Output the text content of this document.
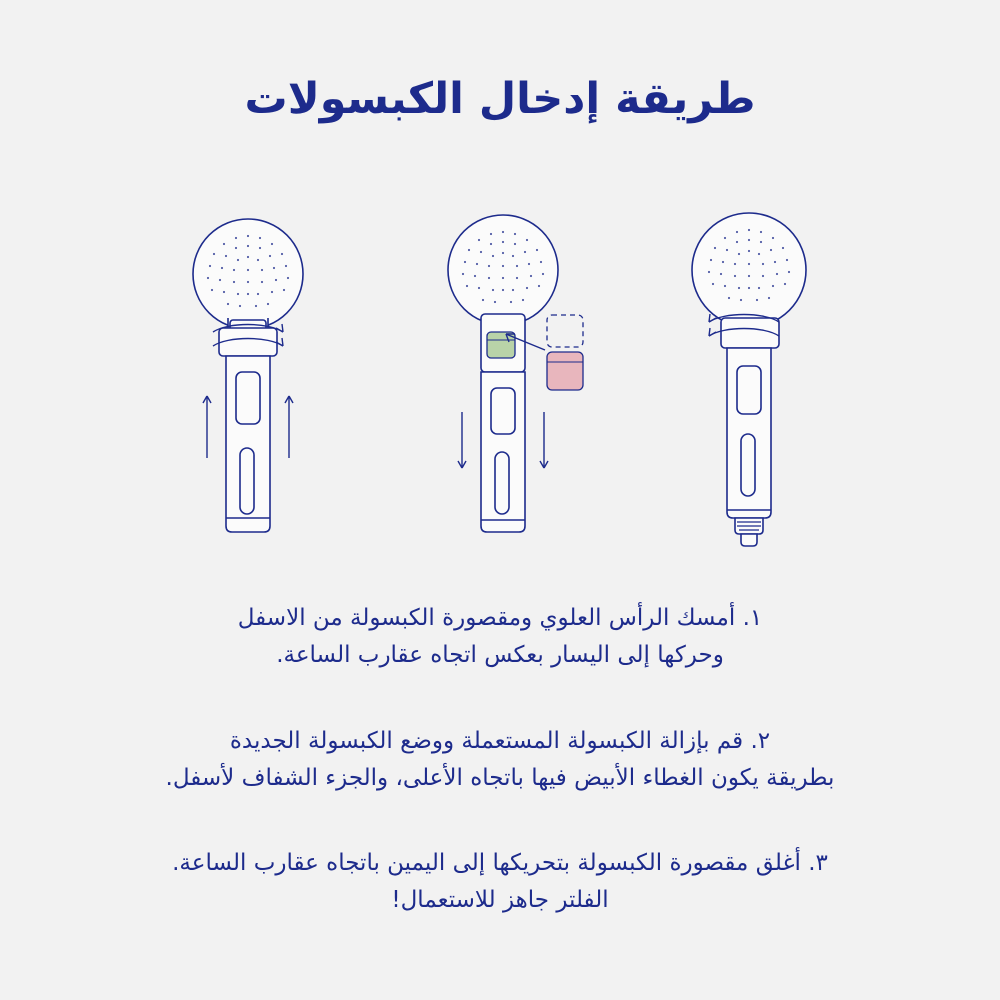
طريقة إدخال الكبسولات
١. أمسك الرأس العلوي ومقصورة الكبسولة من الاسفل
وحركها إلى اليسار بعكس اتجاه عقارب الساعة.
٢. قم بإزالة الكبسولة المستعملة ووضع الكبسولة الجديدة
بطريقة يكون الغطاء الأبيض فيها باتجاه الأعلى، والجزء الشفاف لأسفل.
٣. أغلق مقصورة الكبسولة بتحريكها إلى اليمين باتجاه عقارب الساعة.
الفلتر جاهز للاستعمال!
